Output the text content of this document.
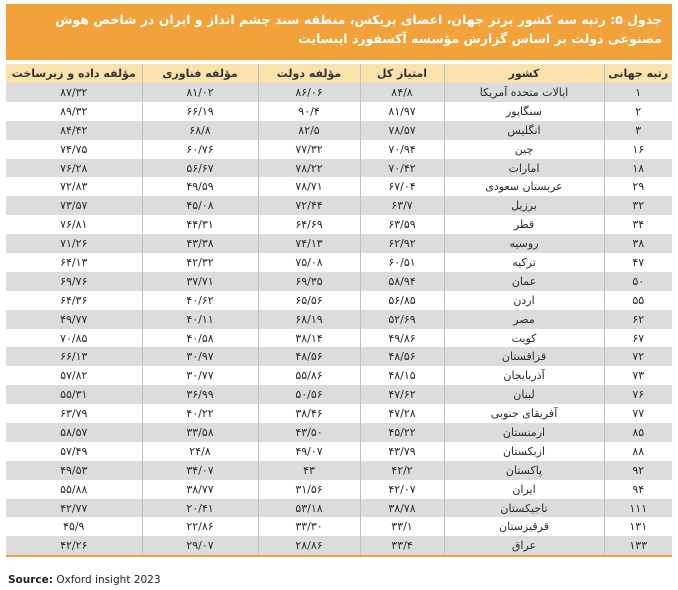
جدول ۵: رتبه سه کشور برتر جهان، اعضای بریکس، منطقه سند چشم انداز و ایران در شاخص هوش مصنوعی دولت بر اساس گزارش مؤسسه آکسفورد اینسایت
رتبه جهانی	کشور	امتیاز کل	مؤلفه دولت	مؤلفه فناوری	مؤلفه داده و زیرساخت
۱	ایالات متحده آمریکا	۸۴/۸	۸۶/۰۶	۸۱/۰۲	۸۷/۳۲
۲	سنگاپور	۸۱/۹۷	۹۰/۴	۶۶/۱۹	۸۹/۳۲
۳	انگلیس	۷۸/۵۷	۸۲/۵	۶۸/۸	۸۴/۴۲
۱۶	چین	۷۰/۹۴	۷۷/۳۲	۶۰/۷۶	۷۴/۷۵
۱۸	امارات	۷۰/۴۲	۷۸/۲۲	۵۶/۶۷	۷۶/۲۸
۲۹	عربستان سعودی	۶۷/۰۴	۷۸/۷۱	۴۹/۵۹	۷۲/۸۳
۳۲	برزیل	۶۳/۷	۷۲/۴۴	۴۵/۰۸	۷۳/۵۷
۳۴	قطر	۶۳/۵۹	۶۴/۶۹	۴۴/۳۱	۷۶/۸۱
۳۸	روسیه	۶۲/۹۲	۷۴/۱۳	۴۳/۳۸	۷۱/۲۶
۴۷	ترکیه	۶۰/۵۱	۷۵/۰۸	۴۲/۳۲	۶۴/۱۳
۵۰	عمان	۵۸/۹۴	۶۹/۳۵	۳۷/۷۱	۶۹/۷۶
۵۵	اردن	۵۶/۸۵	۶۵/۵۶	۴۰/۶۲	۶۴/۳۶
۶۲	مصر	۵۲/۶۹	۶۸/۱۹	۴۰/۱۱	۴۹/۷۷
۶۷	کویت	۴۹/۸۶	۳۸/۱۴	۴۰/۵۸	۷۰/۸۵
۷۲	قزاقستان	۴۸/۵۶	۴۸/۵۶	۳۰/۹۷	۶۶/۱۳
۷۳	آذربایجان	۴۸/۱۵	۵۵/۸۶	۳۰/۷۷	۵۷/۸۲
۷۶	لبنان	۴۷/۶۲	۵۰/۵۶	۳۶/۹۹	۵۵/۳۱
۷۷	آفریقای جنوبی	۴۷/۲۸	۳۸/۴۶	۴۰/۲۲	۶۳/۷۹
۸۵	ارمنستان	۴۵/۲۲	۴۳/۵۰	۳۳/۵۸	۵۸/۵۷
۸۸	ازبکستان	۴۳/۷۹	۴۹/۰۷	۲۴/۸	۵۷/۴۹
۹۲	پاکستان	۴۲/۲	۴۳	۳۴/۰۷	۴۹/۵۳
۹۴	ایران	۴۲/۰۷	۳۱/۵۶	۳۸/۷۷	۵۵/۸۸
۱۱۱	تاجیکستان	۳۸/۷۸	۵۳/۱۸	۲۰/۴۱	۴۲/۷۷
۱۳۱	قرقیزستان	۳۳/۱	۳۳/۳۰	۲۲/۸۶	۴۵/۹
۱۳۳	عراق	۳۳/۴	۲۸/۸۶	۲۹/۰۷	۴۲/۲۶
Source: Oxford insight 2023
